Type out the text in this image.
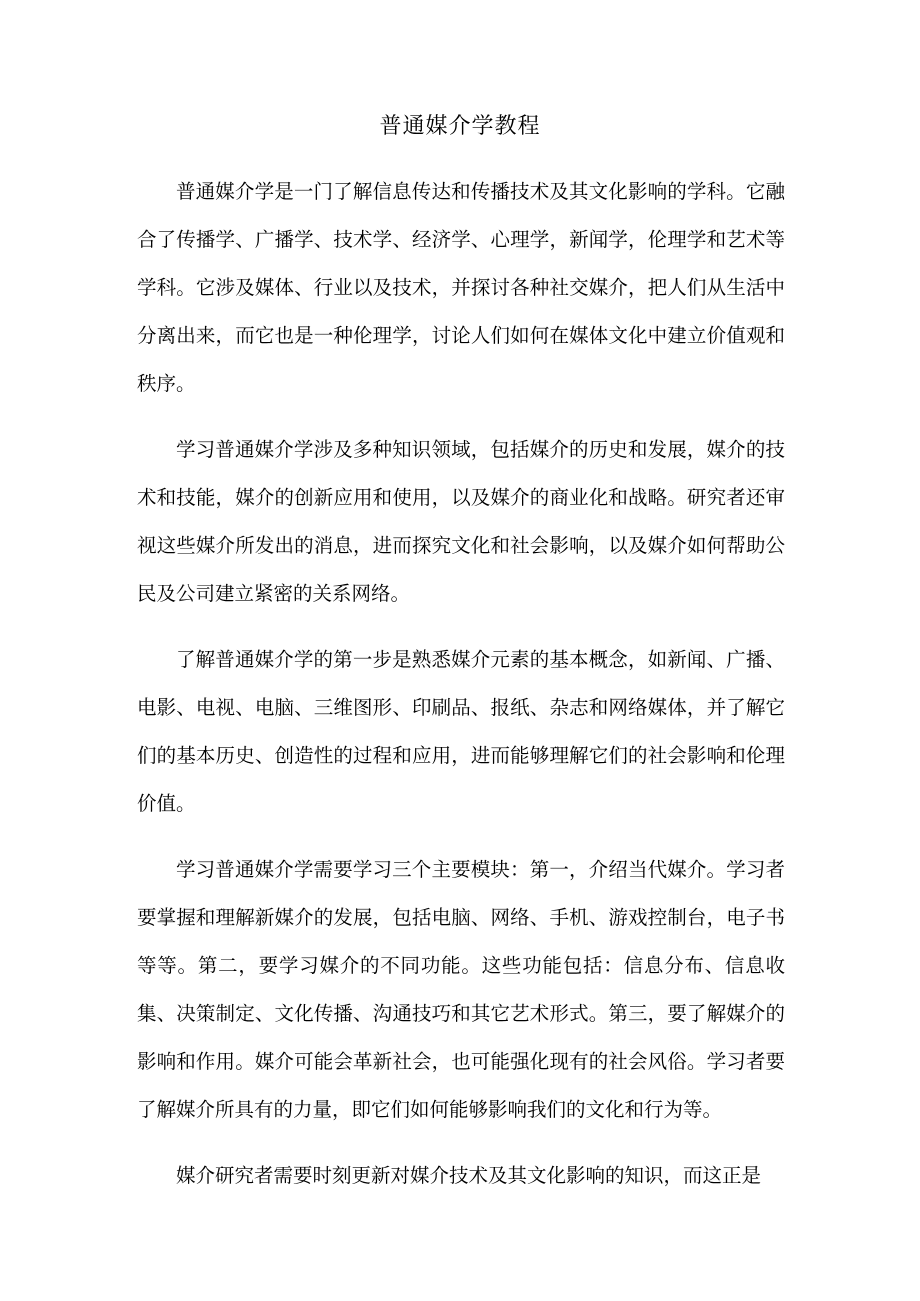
普通媒介学教程

普通媒介学是一门了解信息传达和传播技术及其文化影响的学科。它融合了传播学、广播学、技术学、经济学、心理学，新闻学，伦理学和艺术等学科。它涉及媒体、行业以及技术，并探讨各种社交媒介，把人们从生活中分离出来，而它也是一种伦理学，讨论人们如何在媒体文化中建立价值观和秩序。

学习普通媒介学涉及多种知识领域，包括媒介的历史和发展，媒介的技术和技能，媒介的创新应用和使用，以及媒介的商业化和战略。研究者还审视这些媒介所发出的消息，进而探究文化和社会影响，以及媒介如何帮助公民及公司建立紧密的关系网络。

了解普通媒介学的第一步是熟悉媒介元素的基本概念，如新闻、广播、电影、电视、电脑、三维图形、印刷品、报纸、杂志和网络媒体，并了解它们的基本历史、创造性的过程和应用，进而能够理解它们的社会影响和伦理价值。

学习普通媒介学需要学习三个主要模块：第一，介绍当代媒介。学习者要掌握和理解新媒介的发展，包括电脑、网络、手机、游戏控制台，电子书等等。第二，要学习媒介的不同功能。这些功能包括：信息分布、信息收集、决策制定、文化传播、沟通技巧和其它艺术形式。第三，要了解媒介的影响和作用。媒介可能会革新社会，也可能强化现有的社会风俗。学习者要了解媒介所具有的力量，即它们如何能够影响我们的文化和行为等。

媒介研究者需要时刻更新对媒介技术及其文化影响的知识，而这正是
